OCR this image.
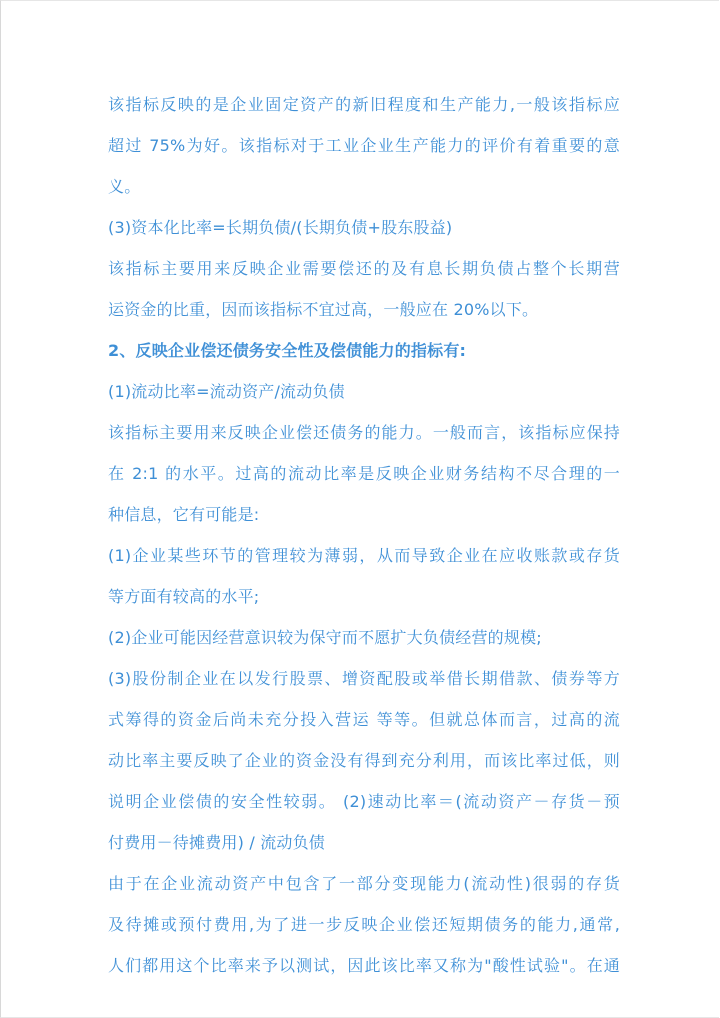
该指标反映的是企业固定资产的新旧程度和生产能力,一般该指标应
超过 75%为好。该指标对于工业企业生产能力的评价有着重要的意
义。
(3)资本化比率=长期负债/(长期负债+股东股益)
该指标主要用来反映企业需要偿还的及有息长期负债占整个长期营
运资金的比重，因而该指标不宜过高，一般应在 20%以下。
2、反映企业偿还债务安全性及偿债能力的指标有:
(1)流动比率=流动资产/流动负债
该指标主要用来反映企业偿还债务的能力。一般而言，该指标应保持
在 2:1 的水平。过高的流动比率是反映企业财务结构不尽合理的一
种信息，它有可能是:
(1)企业某些环节的管理较为薄弱，从而导致企业在应收账款或存货
等方面有较高的水平;
(2)企业可能因经营意识较为保守而不愿扩大负债经营的规模;
(3)股份制企业在以发行股票、增资配股或举借长期借款、债券等方
式筹得的资金后尚未充分投入营运 等等。但就总体而言，过高的流
动比率主要反映了企业的资金没有得到充分利用，而该比率过低，则
说明企业偿债的安全性较弱。 (2)速动比率＝(流动资产－存货－预
付费用－待摊费用) / 流动负债
由于在企业流动资产中包含了一部分变现能力(流动性)很弱的存货
及待摊或预付费用,为了进一步反映企业偿还短期债务的能力,通常,
人们都用这个比率来予以测试，因此该比率又称为"酸性试验"。在通
